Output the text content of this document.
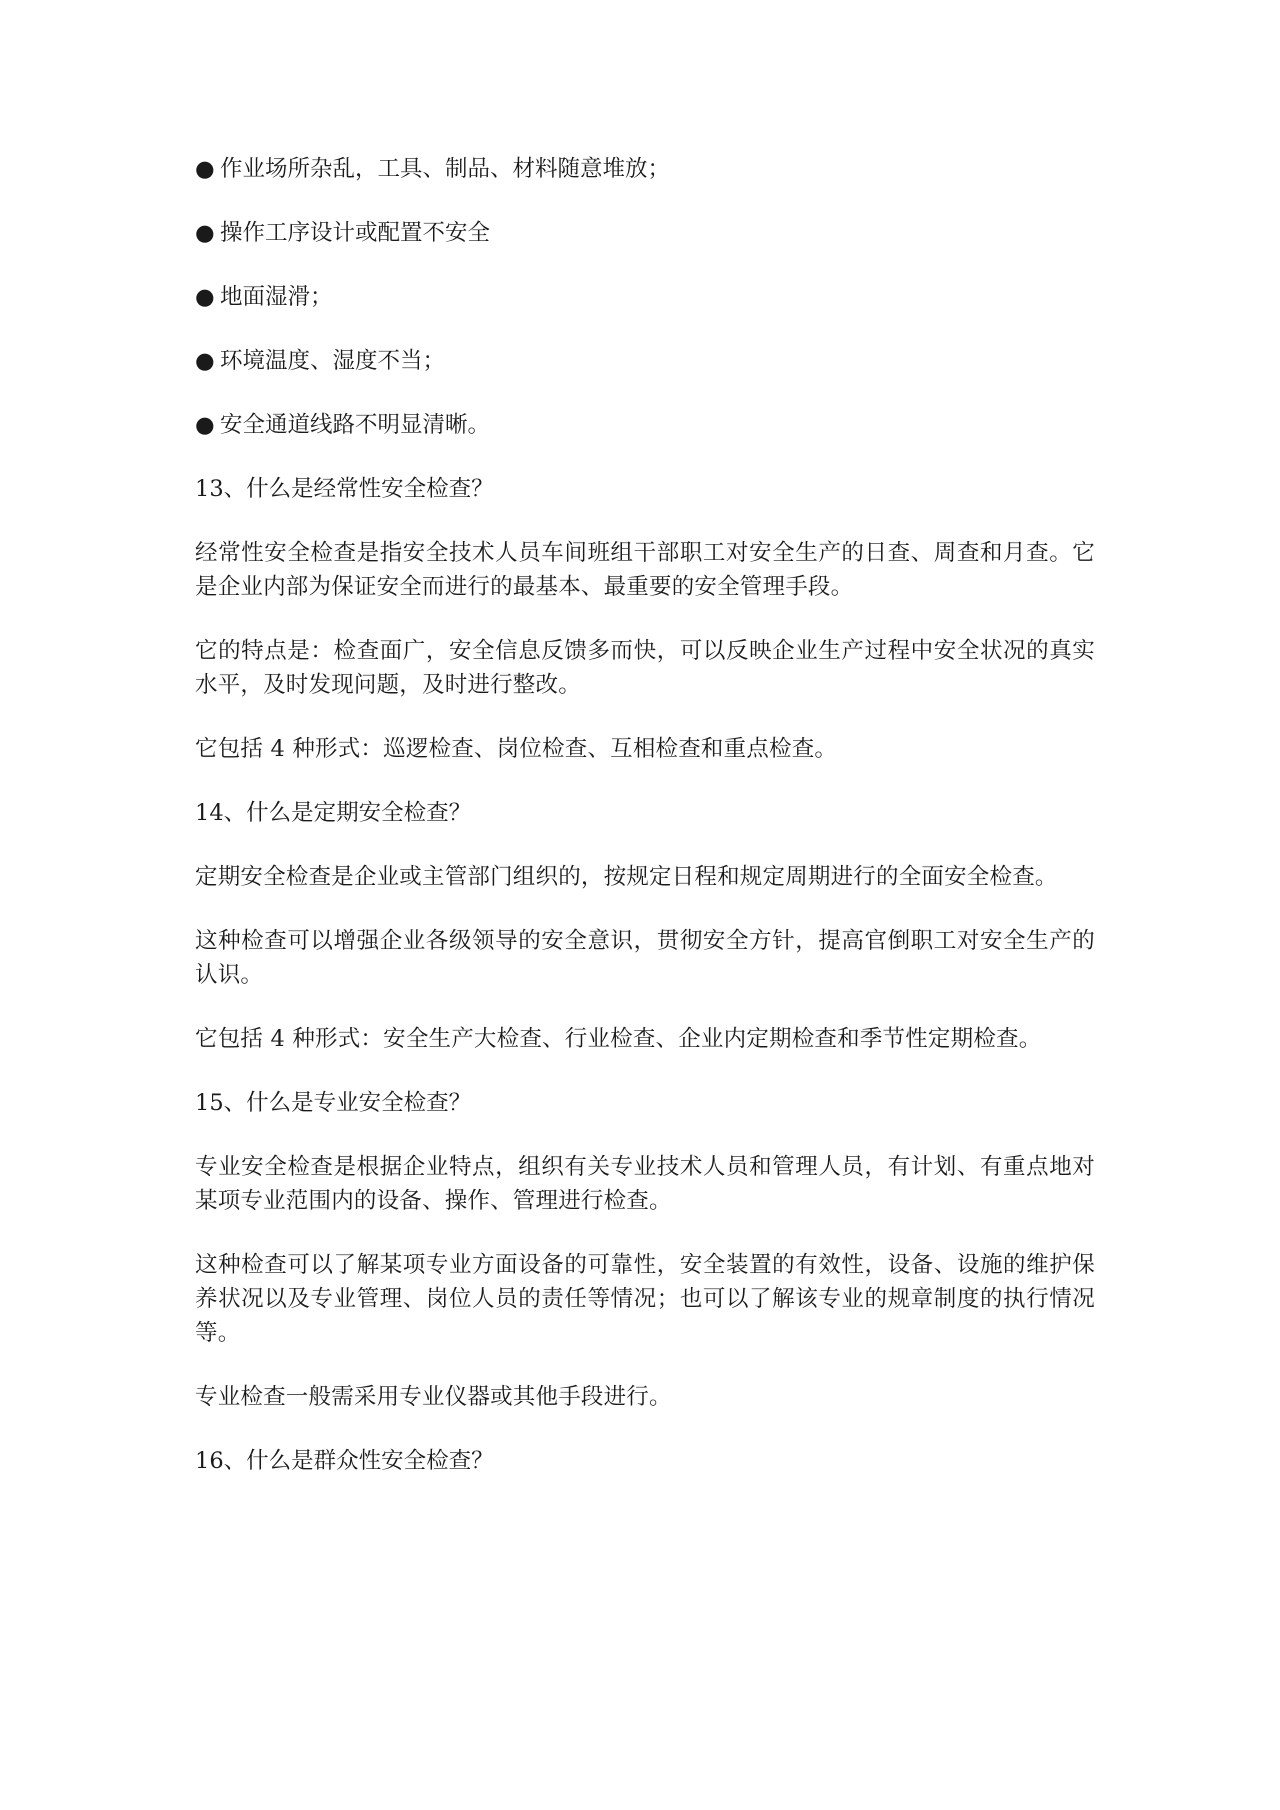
● 作业场所杂乱，工具、制品、材料随意堆放；
● 操作工序设计或配置不安全
● 地面湿滑；
● 环境温度、湿度不当；
● 安全通道线路不明显清晰。
13、什么是经常性安全检查？
经常性安全检查是指安全技术人员车间班组干部职工对安全生产的日查、周查和月查。它是企业内部为保证安全而进行的最基本、最重要的安全管理手段。
它的特点是：检查面广，安全信息反馈多而快，可以反映企业生产过程中安全状况的真实水平，及时发现问题，及时进行整改。
它包括 4 种形式：巡逻检查、岗位检查、互相检查和重点检查。
14、什么是定期安全检查？
定期安全检查是企业或主管部门组织的，按规定日程和规定周期进行的全面安全检查。
这种检查可以增强企业各级领导的安全意识，贯彻安全方针，提高官倒职工对安全生产的认识。
它包括 4 种形式：安全生产大检查、行业检查、企业内定期检查和季节性定期检查。
15、什么是专业安全检查？
专业安全检查是根据企业特点，组织有关专业技术人员和管理人员，有计划、有重点地对某项专业范围内的设备、操作、管理进行检查。
这种检查可以了解某项专业方面设备的可靠性，安全装置的有效性，设备、设施的维护保养状况以及专业管理、岗位人员的责任等情况；也可以了解该专业的规章制度的执行情况等。
专业检查一般需采用专业仪器或其他手段进行。
16、什么是群众性安全检查？
